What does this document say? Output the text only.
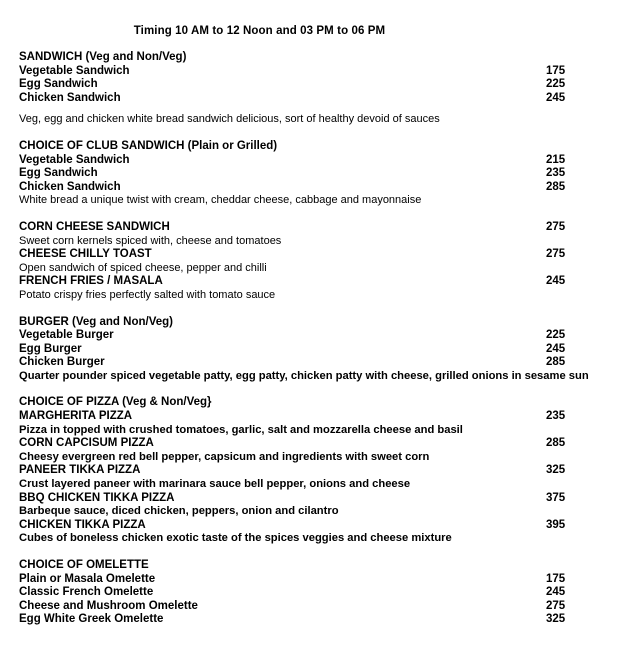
Timing 10 AM to 12 Noon and 03 PM to 06 PM
SANDWICH (Veg and Non/Veg)
Vegetable Sandwich	175
Egg Sandwich	225
Chicken Sandwich	245
Veg, egg and chicken white bread sandwich delicious, sort of healthy devoid of sauces
CHOICE OF CLUB SANDWICH (Plain or Grilled)
Vegetable Sandwich	215
Egg Sandwich	235
Chicken Sandwich	285
White bread a unique twist with cream, cheddar cheese, cabbage and mayonnaise
CORN CHEESE SANDWICH	275
Sweet corn kernels spiced with, cheese and tomatoes
CHEESE CHILLY TOAST	275
Open sandwich of spiced cheese, pepper and chilli
FRENCH FRIES / MASALA	245
Potato crispy fries perfectly salted with tomato sauce
BURGER (Veg and Non/Veg)
Vegetable Burger	225
Egg Burger	245
Chicken Burger	285
Quarter pounder spiced vegetable patty, egg patty, chicken patty with cheese, grilled onions in sesame sun
CHOICE OF PIZZA (Veg & Non/Veg}
MARGHERITA PIZZA	235
Pizza in topped with crushed tomatoes, garlic, salt and mozzarella cheese and basil
CORN CAPCISUM PIZZA	285
Cheesy evergreen red bell pepper, capsicum and ingredients with sweet corn
PANEER TIKKA PIZZA	325
Crust layered paneer with marinara sauce bell pepper, onions and cheese
BBQ CHICKEN TIKKA PIZZA	375
Barbeque sauce, diced chicken, peppers, onion and cilantro
CHICKEN TIKKA PIZZA	395
Cubes of boneless chicken exotic taste of the spices veggies and cheese mixture
CHOICE OF OMELETTE
Plain or Masala Omelette	175
Classic French Omelette	245
Cheese and Mushroom Omelette	275
Egg White Greek Omelette	325
